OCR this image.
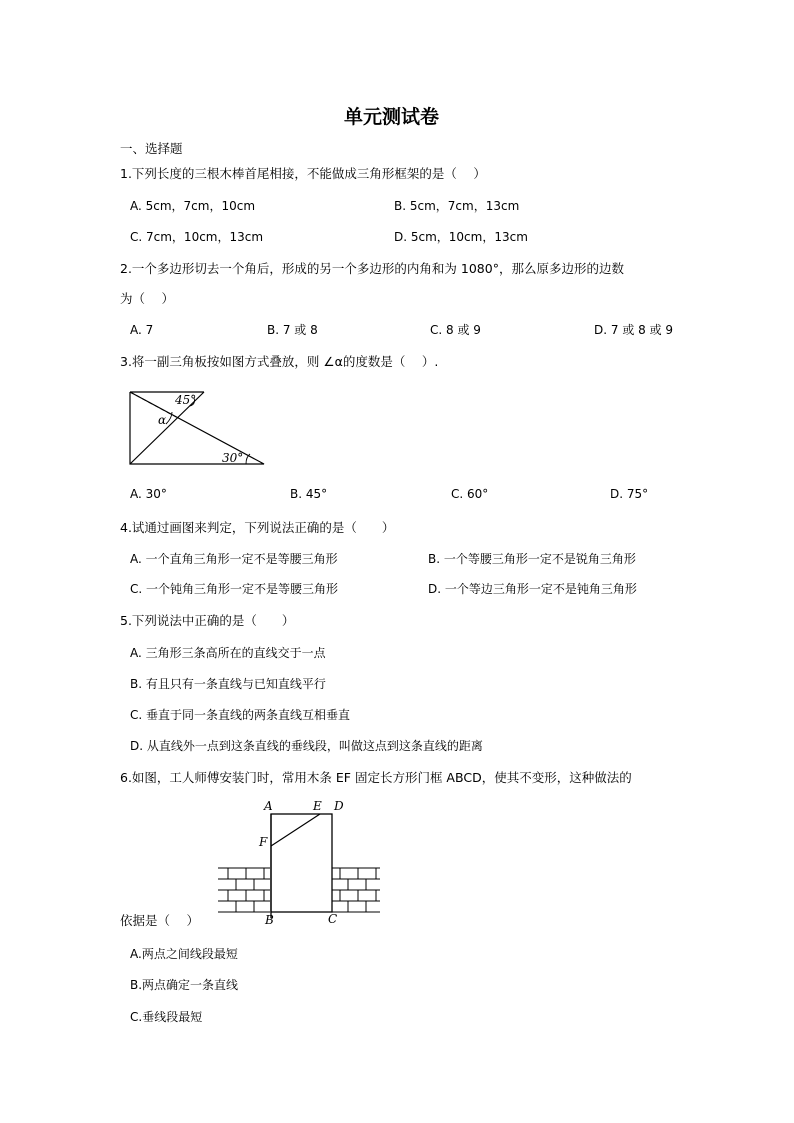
单元测试卷
一、选择题
1.下列长度的三根木棒首尾相接，不能做成三角形框架的是（　 ）
A. 5cm，7cm，10cm	B. 5cm，7cm，13cm
C. 7cm，10cm，13cm	D. 5cm，10cm，13cm
2.一个多边形切去一个角后，形成的另一个多边形的内角和为 1080°，那么原多边形的边数
为（　 ）
A. 7	B. 7 或 8	C. 8 或 9	D. 7 或 8 或 9
3.将一副三角板按如图方式叠放，则 ∠α的度数是（　 ）.
45°
α
30°
A. 30°	B. 45°	C. 60°	D. 75°
4.试通过画图来判定，下列说法正确的是（　　）
A. 一个直角三角形一定不是等腰三角形	B. 一个等腰三角形一定不是锐角三角形
C. 一个钝角三角形一定不是等腰三角形	D. 一个等边三角形一定不是钝角三角形
5.下列说法中正确的是（　　）
A. 三角形三条高所在的直线交于一点
B. 有且只有一条直线与已知直线平行
C. 垂直于同一条直线的两条直线互相垂直
D. 从直线外一点到这条直线的垂线段，叫做这点到这条直线的距离
6.如图，工人师傅安装门时，常用木条 EF 固定长方形门框 ABCD，使其不变形，这种做法的
A	E D
F
B	C
依据是（　 ）
A.两点之间线段最短
B.两点确定一条直线
C.垂线段最短
